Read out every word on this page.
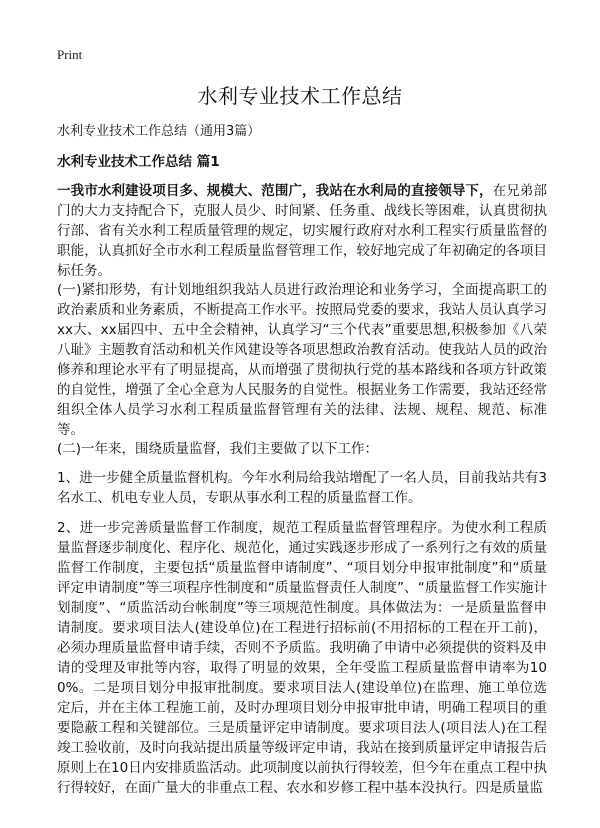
Print
水利专业技术工作总结
水利专业技术工作总结（通用3篇）
水利专业技术工作总结 篇1

一我市水利建设项目多、规模大、范围广，我站在水利局的直接领导下，在兄弟部门的大力支持配合下，克服人员少、时间紧、任务重、战线长等困难，认真贯彻执行部、省有关水利工程质量管理的规定，切实履行政府对水利工程实行质量监督的职能，认真抓好全市水利工程质量监督管理工作，较好地完成了年初确定的各项目标任务。

(一)紧扣形势，有计划地组织我站人员进行政治理论和业务学习，全面提高职工的政治素质和业务素质，不断提高工作水平。按照局党委的要求，我站人员认真学习xx大、xx届四中、五中全会精神，认真学习“三个代表”重要思想,积极参加《八荣八耻》主题教育活动和机关作风建设等各项思想政治教育活动。使我站人员的政治修养和理论水平有了明显提高，从而增强了贯彻执行党的基本路线和各项方针政策的自觉性，增强了全心全意为人民服务的自觉性。根据业务工作需要，我站还经常组织全体人员学习水利工程质量监督管理有关的法律、法规、规程、规范、标准等。

(二)一年来，围绕质量监督，我们主要做了以下工作：

1、进一步健全质量监督机构。今年水利局给我站增配了一名人员，目前我站共有3名水工、机电专业人员，专职从事水利工程的质量监督工作。

2、进一步完善质量监督工作制度，规范工程质量监督管理程序。为使水利工程质量监督逐步制度化、程序化、规范化，通过实践逐步形成了一系列行之有效的质量监督工作制度，主要包括“质量监督申请制度”、“项目划分申报审批制度”和“质量评定申请制度”等三项程序性制度和“质量监督责任人制度”、“质量监督工作实施计划制度”、“质监活动台帐制度”等三项规范性制度。具体做法为：一是质量监督申请制度。要求项目法人(建设单位)在工程进行招标前(不用招标的工程在开工前)，必须办理质量监督申请手续，否则不予质监。我明确了申请中必须提供的资料及申请的受理及审批等内容，取得了明显的效果，全年受监工程质量监督申请率为100%。二是项目划分申报审批制度。要求项目法人(建设单位)在监理、施工单位选定后，并在主体工程施工前，及时办理项目划分申报审批申请，明确工程项目的重要隐蔽工程和关键部位。三是质量评定申请制度。要求项目法人(项目法人)在工程竣工验收前，及时向我站提出质量等级评定申请，我站在接到质量评定申请报告后原则上在10日内安排质监活动。此项制度以前执行得较差，但今年在重点工程中执行得较好，在面广量大的非重点工程、农水和岁修工程中基本没执行。四是质量监
